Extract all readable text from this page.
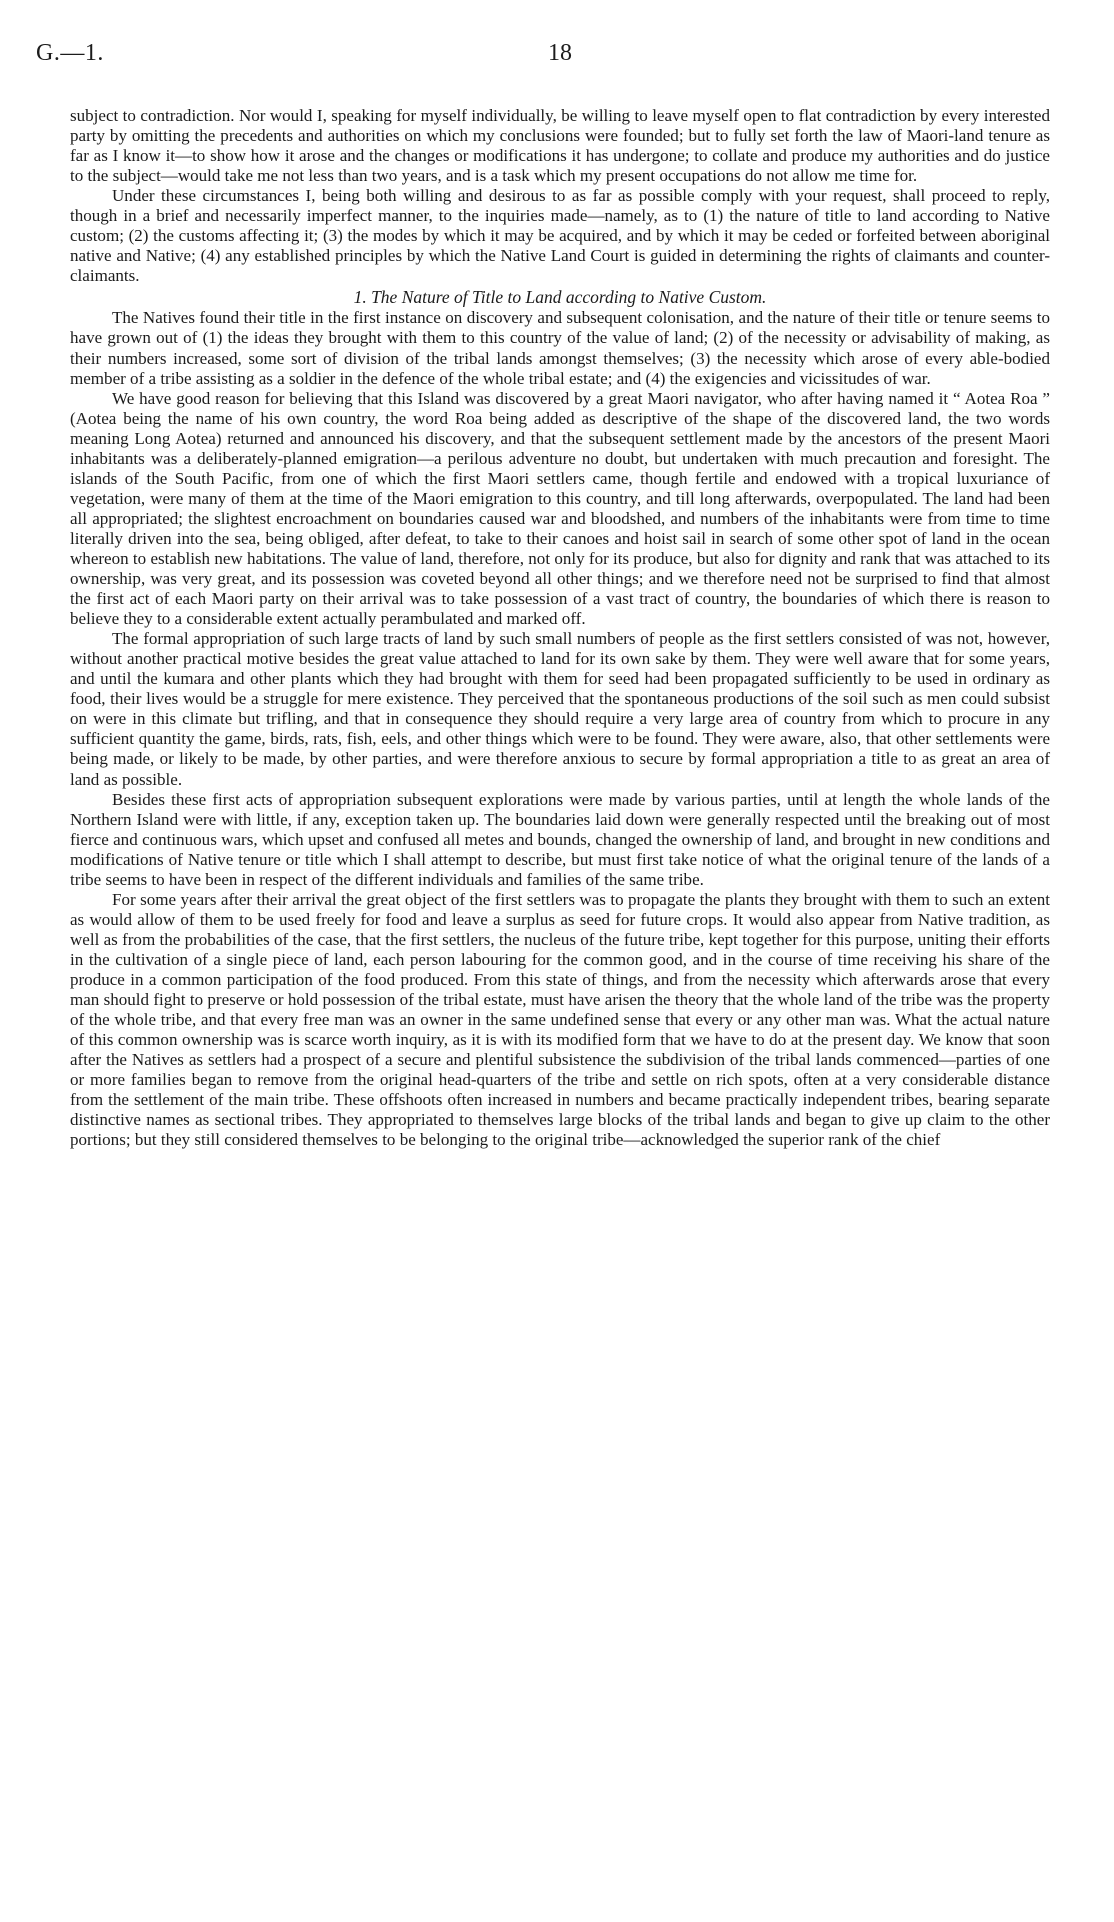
G.—1.	18

subject to contradiction. Nor would I, speaking for myself individually, be willing to leave myself open to flat contradiction by every interested party by omitting the precedents and authorities on which my conclusions were founded; but to fully set forth the law of Maori-land tenure as far as I know it—to show how it arose and the changes or modifications it has undergone; to collate and produce my authorities and do justice to the subject—would take me not less than two years, and is a task which my present occupations do not allow me time for.

Under these circumstances I, being both willing and desirous to as far as possible comply with your request, shall proceed to reply, though in a brief and necessarily imperfect manner, to the inquiries made—namely, as to (1) the nature of title to land according to Native custom; (2) the customs affecting it; (3) the modes by which it may be acquired, and by which it may be ceded or forfeited between aboriginal native and Native; (4) any established principles by which the Native Land Court is guided in determining the rights of claimants and counter-claimants.

1. The Nature of Title to Land according to Native Custom.

The Natives found their title in the first instance on discovery and subsequent colonisation, and the nature of their title or tenure seems to have grown out of (1) the ideas they brought with them to this country of the value of land; (2) of the necessity or advisability of making, as their numbers increased, some sort of division of the tribal lands amongst themselves; (3) the necessity which arose of every able-bodied member of a tribe assisting as a soldier in the defence of the whole tribal estate; and (4) the exigencies and vicissitudes of war.

We have good reason for believing that this Island was discovered by a great Maori navigator, who after having named it “ Aotea Roa ” (Aotea being the name of his own country, the word Roa being added as descriptive of the shape of the discovered land, the two words meaning Long Aotea) returned and announced his discovery, and that the subsequent settlement made by the ancestors of the present Maori inhabitants was a deliberately-planned emigration—a perilous adventure no doubt, but undertaken with much precaution and foresight. The islands of the South Pacific, from one of which the first Maori settlers came, though fertile and endowed with a tropical luxuriance of vegetation, were many of them at the time of the Maori emigration to this country, and till long afterwards, overpopulated. The land had been all appropriated; the slightest encroachment on boundaries caused war and bloodshed, and numbers of the inhabitants were from time to time literally driven into the sea, being obliged, after defeat, to take to their canoes and hoist sail in search of some other spot of land in the ocean whereon to establish new habitations. The value of land, therefore, not only for its produce, but also for dignity and rank that was attached to its ownership, was very great, and its possession was coveted beyond all other things; and we therefore need not be surprised to find that almost the first act of each Maori party on their arrival was to take possession of a vast tract of country, the boundaries of which there is reason to believe they to a considerable extent actually perambulated and marked off.

The formal appropriation of such large tracts of land by such small numbers of people as the first settlers consisted of was not, however, without another practical motive besides the great value attached to land for its own sake by them. They were well aware that for some years, and until the kumara and other plants which they had brought with them for seed had been propagated sufficiently to be used in ordinary as food, their lives would be a struggle for mere existence. They perceived that the spontaneous productions of the soil such as men could subsist on were in this climate but trifling, and that in consequence they should require a very large area of country from which to procure in any sufficient quantity the game, birds, rats, fish, eels, and other things which were to be found. They were aware, also, that other settlements were being made, or likely to be made, by other parties, and were therefore anxious to secure by formal appropriation a title to as great an area of land as possible.

Besides these first acts of appropriation subsequent explorations were made by various parties, until at length the whole lands of the Northern Island were with little, if any, exception taken up. The boundaries laid down were generally respected until the breaking out of most fierce and continuous wars, which upset and confused all metes and bounds, changed the ownership of land, and brought in new conditions and modifications of Native tenure or title which I shall attempt to describe, but must first take notice of what the original tenure of the lands of a tribe seems to have been in respect of the different individuals and families of the same tribe.

For some years after their arrival the great object of the first settlers was to propagate the plants they brought with them to such an extent as would allow of them to be used freely for food and leave a surplus as seed for future crops. It would also appear from Native tradition, as well as from the probabilities of the case, that the first settlers, the nucleus of the future tribe, kept together for this purpose, uniting their efforts in the cultivation of a single piece of land, each person labouring for the common good, and in the course of time receiving his share of the produce in a common participation of the food produced. From this state of things, and from the necessity which afterwards arose that every man should fight to preserve or hold possession of the tribal estate, must have arisen the theory that the whole land of the tribe was the property of the whole tribe, and that every free man was an owner in the same undefined sense that every or any other man was. What the actual nature of this common ownership was is scarce worth inquiry, as it is with its modified form that we have to do at the present day. We know that soon after the Natives as settlers had a prospect of a secure and plentiful subsistence the subdivision of the tribal lands commenced—parties of one or more families began to remove from the original head-quarters of the tribe and settle on rich spots, often at a very considerable distance from the settlement of the main tribe. These offshoots often increased in numbers and became practically independent tribes, bearing separate distinctive names as sectional tribes. They appropriated to themselves large blocks of the tribal lands and began to give up claim to the other portions; but they still considered themselves to be belonging to the original tribe—acknowledged the superior rank of the chief
